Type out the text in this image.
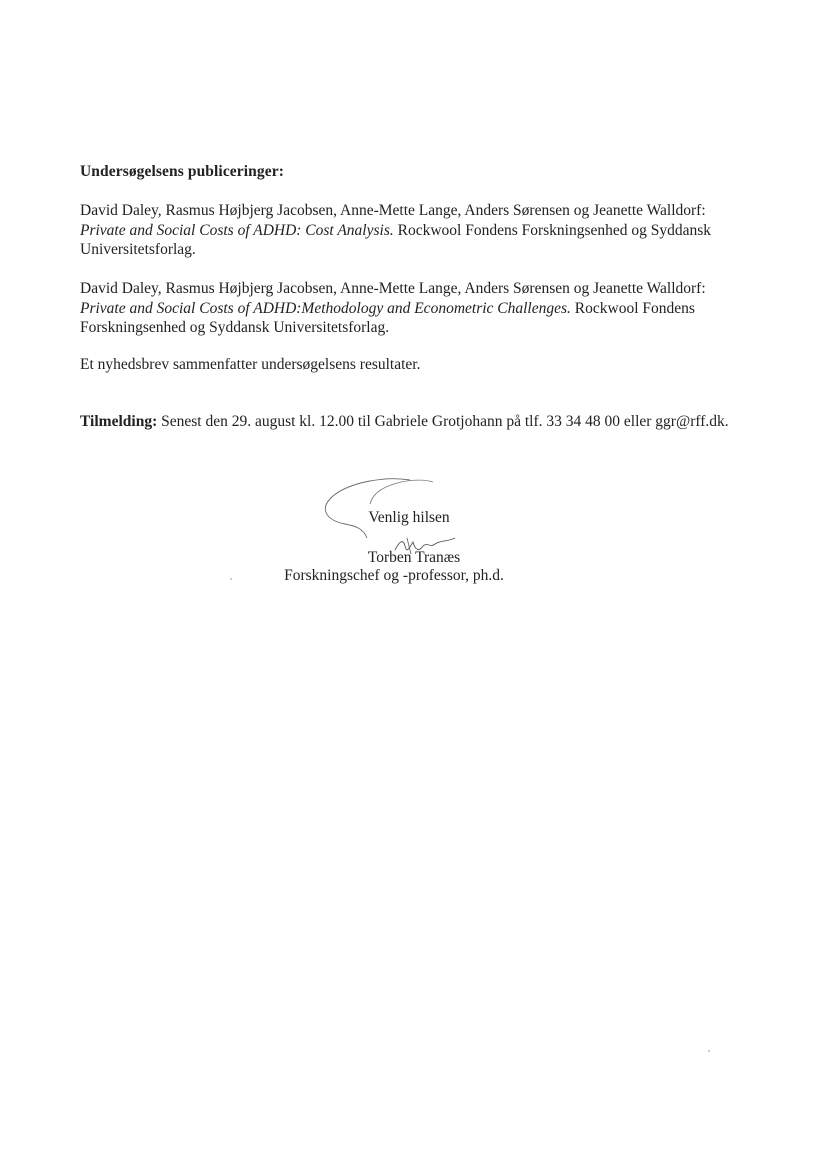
Undersøgelsens publiceringer:
David Daley, Rasmus Højbjerg Jacobsen, Anne-Mette Lange, Anders Sørensen og Jeanette Walldorf: Private and Social Costs of ADHD: Cost Analysis. Rockwool Fondens Forskningsenhed og Syddansk Universitetsforlag.
David Daley, Rasmus Højbjerg Jacobsen, Anne-Mette Lange, Anders Sørensen og Jeanette Walldorf: Private and Social Costs of ADHD:Methodology and Econometric Challenges. Rockwool Fondens Forskningsenhed og Syddansk Universitetsforlag.
Et nyhedsbrev sammenfatter undersøgelsens resultater.
Tilmelding: Senest den 29. august kl. 12.00 til Gabriele Grotjohann på tlf. 33 34 48 00 eller ggr@rff.dk.
Venlig hilsen
Torben Tranæs
Forskningschef og -professor, ph.d.
